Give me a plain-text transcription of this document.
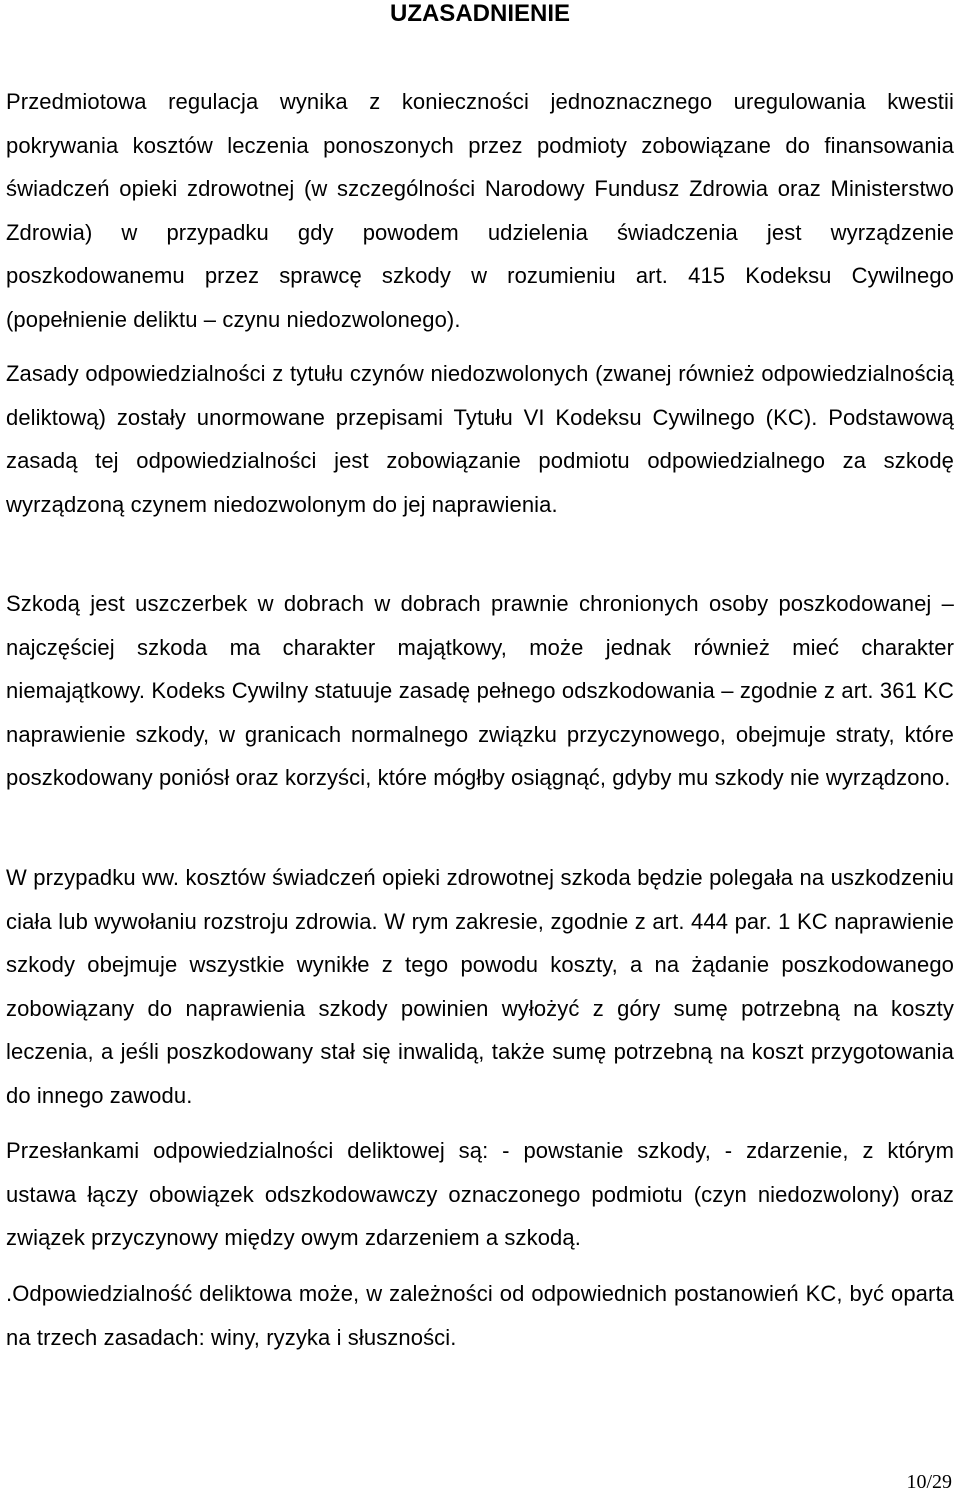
UZASADNIENIE

Przedmiotowa regulacja wynika z konieczności jednoznacznego uregulowania kwestii pokrywania kosztów leczenia ponoszonych przez podmioty zobowiązane do finansowania świadczeń opieki zdrowotnej (w szczególności Narodowy Fundusz Zdrowia oraz Ministerstwo Zdrowia) w przypadku gdy powodem udzielenia świadczenia jest wyrządzenie poszkodowanemu przez sprawcę szkody w rozumieniu art. 415 Kodeksu Cywilnego (popełnienie deliktu – czynu niedozwolonego).

Zasady odpowiedzialności z tytułu czynów niedozwolonych (zwanej również odpowiedzialnością deliktową) zostały unormowane przepisami Tytułu VI Kodeksu Cywilnego (KC). Podstawową zasadą tej odpowiedzialności jest zobowiązanie podmiotu odpowiedzialnego za szkodę wyrządzoną czynem niedozwolonym do jej naprawienia.

Szkodą jest uszczerbek w dobrach w dobrach prawnie chronionych osoby poszkodowanej – najczęściej szkoda ma charakter majątkowy, może jednak również mieć charakter niemajątkowy. Kodeks Cywilny statuuje zasadę pełnego odszkodowania – zgodnie z art. 361 KC naprawienie szkody, w granicach normalnego związku przyczynowego, obejmuje straty, które poszkodowany poniósł oraz korzyści, które mógłby osiągnąć, gdyby mu szkody nie wyrządzono.

W przypadku ww. kosztów świadczeń opieki zdrowotnej szkoda będzie polegała na uszkodzeniu ciała lub wywołaniu rozstroju zdrowia. W rym zakresie, zgodnie z art. 444 par. 1 KC naprawienie szkody obejmuje wszystkie wynikłe z tego powodu koszty, a na żądanie poszkodowanego zobowiązany do naprawienia szkody powinien wyłożyć z góry sumę potrzebną na koszty leczenia, a jeśli poszkodowany stał się inwalidą, także sumę potrzebną na koszt przygotowania do innego zawodu.

Przesłankami odpowiedzialności deliktowej są: - powstanie szkody, - zdarzenie, z którym ustawa łączy obowiązek odszkodowawczy oznaczonego podmiotu (czyn niedozwolony) oraz związek przyczynowy między owym zdarzeniem a szkodą.

.Odpowiedzialność deliktowa może, w zależności od odpowiednich postanowień KC, być oparta na trzech zasadach: winy, ryzyka i słuszności.

10/29
